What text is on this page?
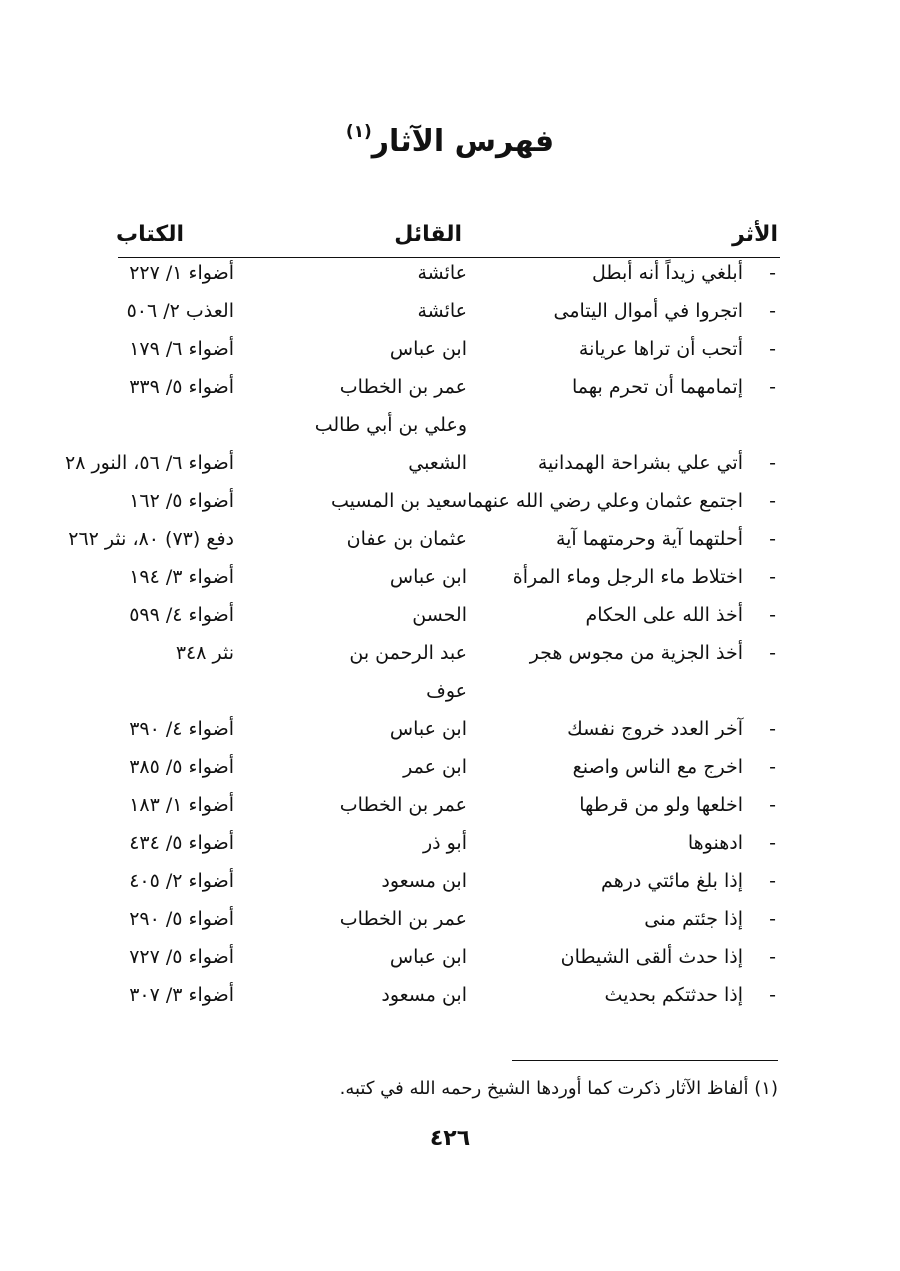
فهرس الآثار$^{(١)}$
الأثر
القائل
الكتاب
-
أبلغي زيداً أنه أبطل
عائشة
أضواء ١/ ٢٢٧
-
اتجروا في أموال اليتامى
عائشة
العذب ٢/ ٥٠٦
-
أتحب أن تراها عريانة
ابن عباس
أضواء ٦/ ١٧٩
-
إتمامهما أن تحرم بهما
عمر بن الخطاب
أضواء ٥/ ٣٣٩
وعلي بن أبي طالب
-
أتي علي بشراحة الهمدانية
الشعبي
أضواء ٦/ ٥٦، النور ٢٨
-
اجتمع عثمان وعلي رضي الله عنهما
سعيد بن المسيب
أضواء ٥/ ١٦٢
-
أحلتهما آية وحرمتهما آية
عثمان بن عفان
دفع (٧٣) ٨٠، نثر ٢٦٢
-
اختلاط ماء الرجل وماء المرأة
ابن عباس
أضواء ٣/ ١٩٤
-
أخذ الله على الحكام
الحسن
أضواء ٤/ ٥٩٩
-
أخذ الجزية من مجوس هجر
عبد الرحمن بن
نثر ٣٤٨
عوف
-
آخر العدد خروج نفسك
ابن عباس
أضواء ٤/ ٣٩٠
-
اخرج مع الناس واصنع
ابن عمر
أضواء ٥/ ٣٨٥
-
اخلعها ولو من قرطها
عمر بن الخطاب
أضواء ١/ ١٨٣
-
ادهنوها
أبو ذر
أضواء ٥/ ٤٣٤
-
إذا بلغ مائتي درهم
ابن مسعود
أضواء ٢/ ٤٠٥
-
إذا جئتم منى
عمر بن الخطاب
أضواء ٥/ ٢٩٠
-
إذا حدث ألقى الشيطان
ابن عباس
أضواء ٥/ ٧٢٧
-
إذا حدثتكم بحديث
ابن مسعود
أضواء ٣/ ٣٠٧
(١) ألفاظ الآثار ذكرت كما أوردها الشيخ رحمه الله في كتبه.
٤٢٦
